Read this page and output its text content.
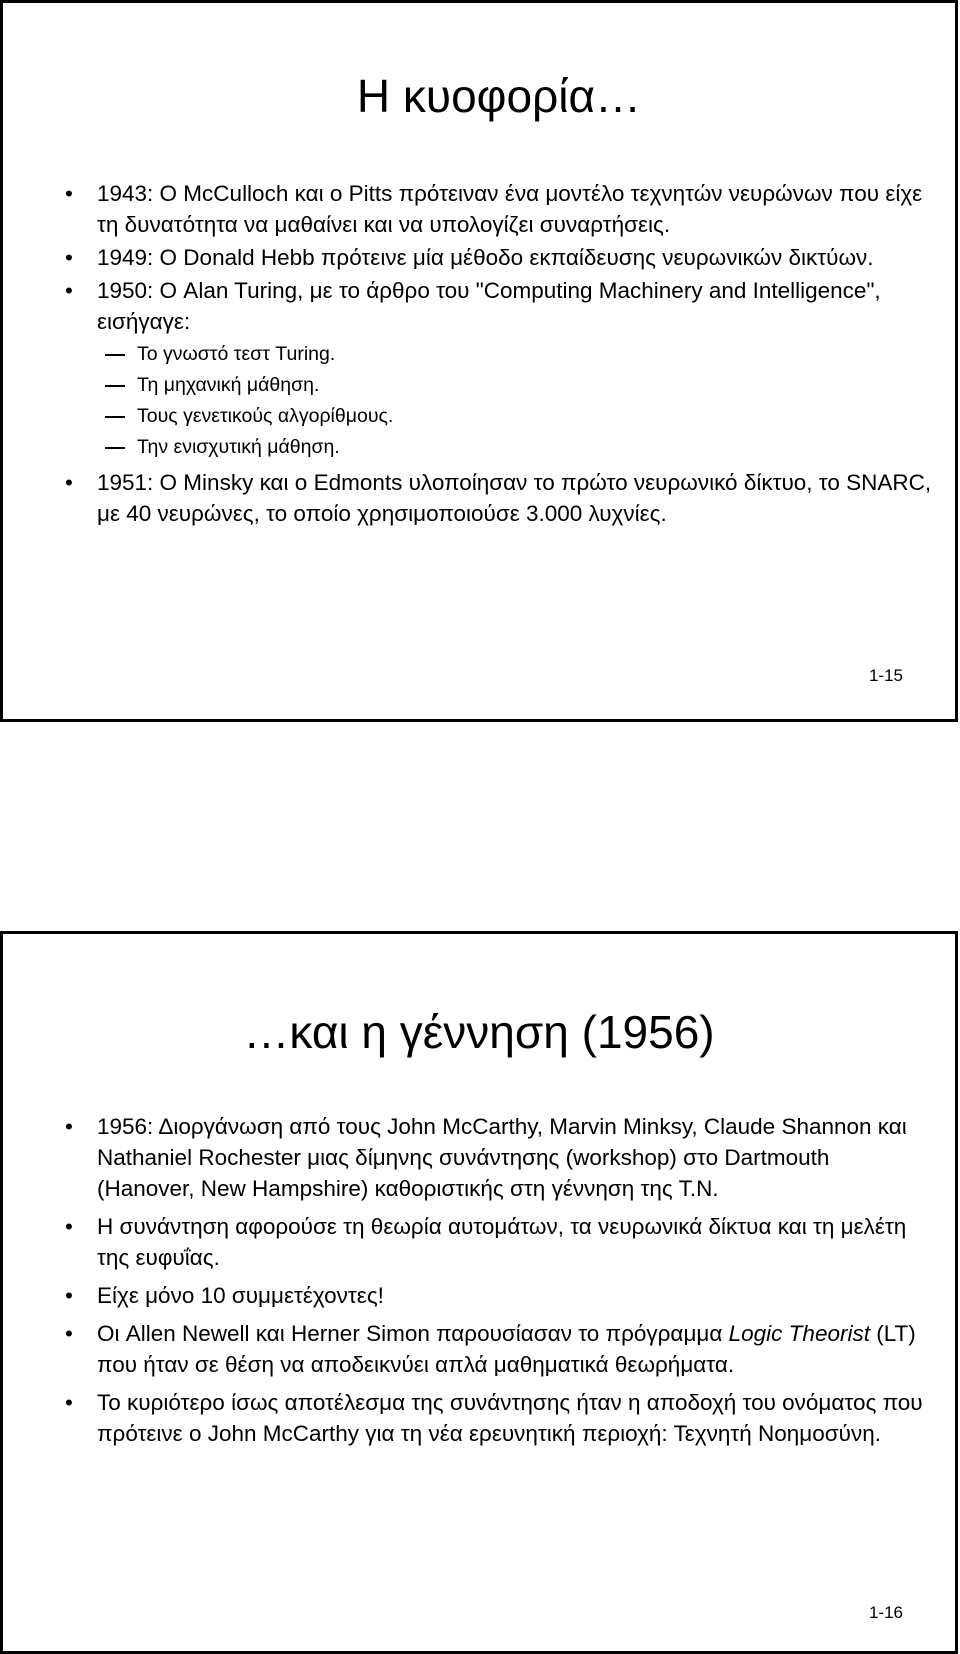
Η κυοφορία…
• 1943: Ο McCulloch και ο Pitts πρότειναν ένα μοντέλο τεχνητών νευρώνων που είχε τη δυνατότητα να μαθαίνει και να υπολογίζει συναρτήσεις.
• 1949: Ο Donald Hebb πρότεινε μία μέθοδο εκπαίδευσης νευρωνικών δικτύων.
• 1950: Ο Alan Turing, με το άρθρο του "Computing Machinery and Intelligence", εισήγαγε:
Το γνωστό τεστ Turing.
Τη μηχανική μάθηση.
Τους γενετικούς αλγορίθμους.
Την ενισχυτική μάθηση.
• 1951: Ο Minsky και ο Edmonts υλοποίησαν το πρώτο νευρωνικό δίκτυο, το SNARC, με 40 νευρώνες, το οποίο χρησιμοποιούσε 3.000 λυχνίες.
1-15
…και η γέννηση (1956)
• 1956: Διοργάνωση από τους John McCarthy, Marvin Minksy, Claude Shannon και Nathaniel Rochester μιας δίμηνης συνάντησης (workshop) στο Dartmouth (Hanover, New Hampshire) καθοριστικής στη γέννηση της Τ.Ν.
• Η συνάντηση αφορούσε τη θεωρία αυτομάτων, τα νευρωνικά δίκτυα και τη μελέτη της ευφυΐας.
• Είχε μόνο 10 συμμετέχοντες!
• Οι Allen Newell και Herner Simon παρουσίασαν το πρόγραμμα Logic Theorist (LT) που ήταν σε θέση να αποδεικνύει απλά μαθηματικά θεωρήματα.
• Το κυριότερο ίσως αποτέλεσμα της συνάντησης ήταν η αποδοχή του ονόματος που πρότεινε ο John McCarthy για τη νέα ερευνητική περιοχή: Τεχνητή Νοημοσύνη.
1-16
